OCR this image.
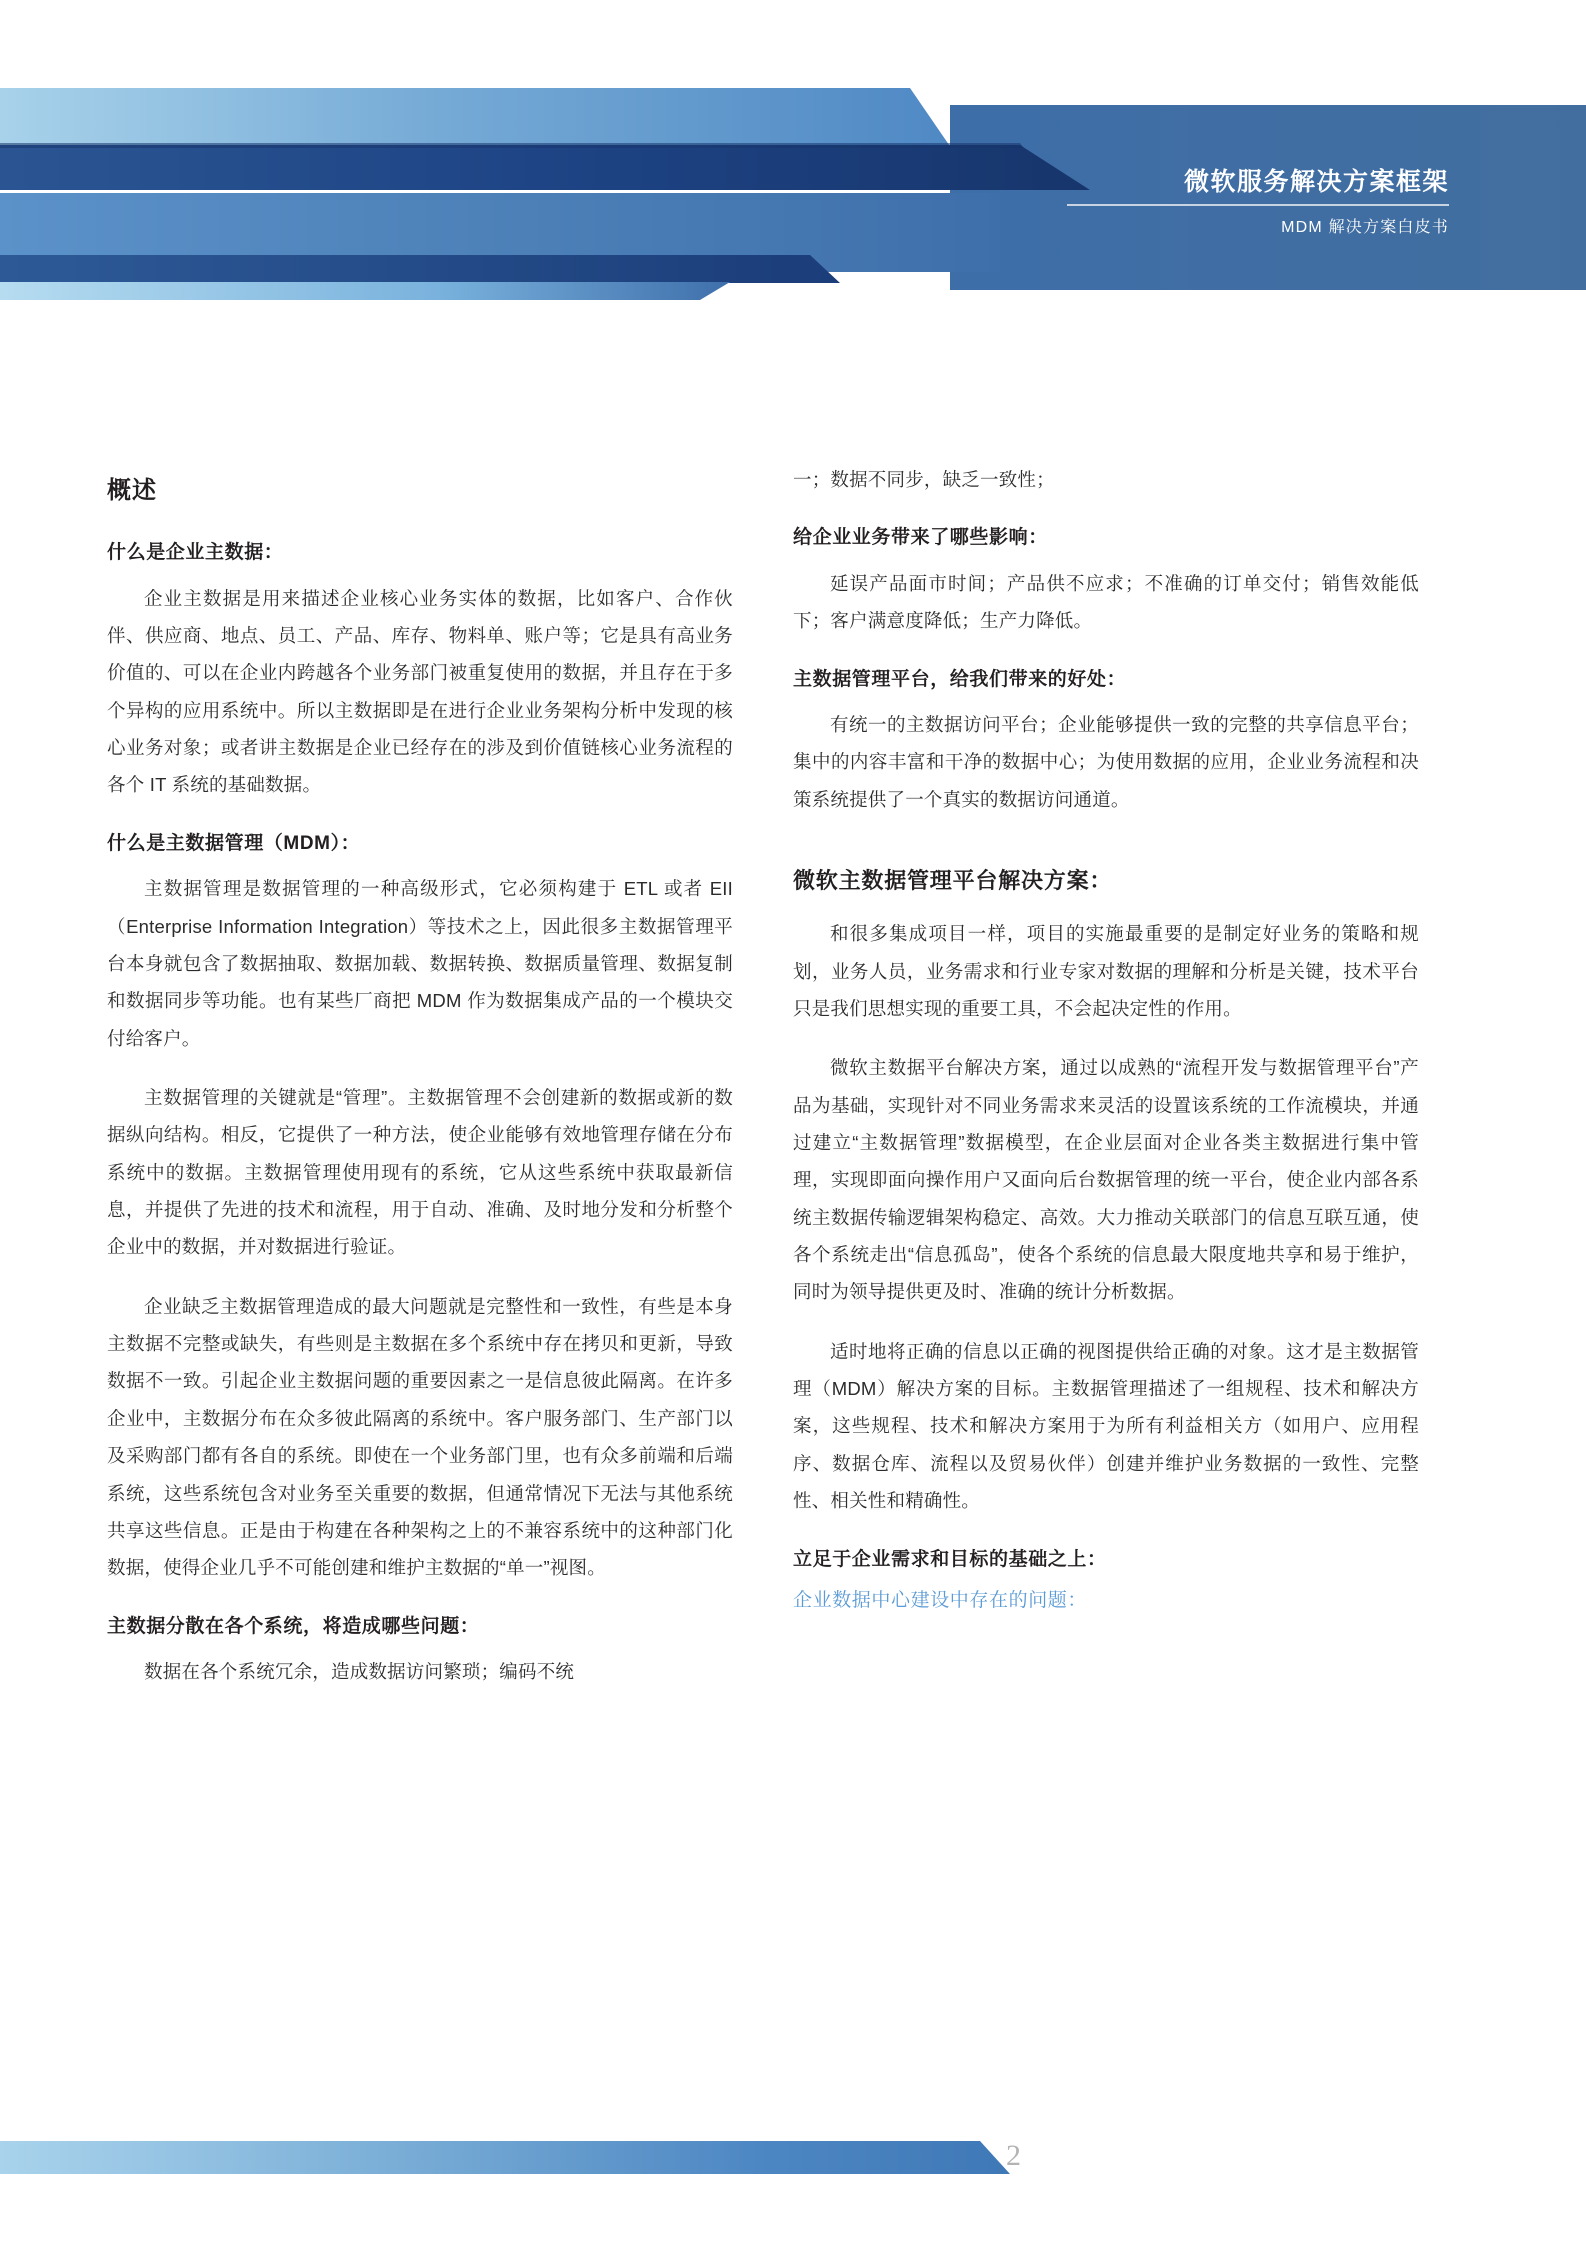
微软服务解决方案框架
MDM 解决方案白皮书
概述
什么是企业主数据：

企业主数据是用来描述企业核心业务实体的数据，比如客户、合作伙伴、供应商、地点、员工、产品、库存、物料单、账户等；它是具有高业务价值的、可以在企业内跨越各个业务部门被重复使用的数据，并且存在于多个异构的应用系统中。所以主数据即是在进行企业业务架构分析中发现的核心业务对象；或者讲主数据是企业已经存在的涉及到价值链核心业务流程的各个 IT 系统的基础数据。

什么是主数据管理（MDM）：

主数据管理是数据管理的一种高级形式，它必须构建于 ETL 或者 EII（Enterprise Information Integration）等技术之上，因此很多主数据管理平台本身就包含了数据抽取、数据加载、数据转换、数据质量管理、数据复制和数据同步等功能。也有某些厂商把 MDM 作为数据集成产品的一个模块交付给客户。

主数据管理的关键就是“管理”。主数据管理不会创建新的数据或新的数据纵向结构。相反，它提供了一种方法，使企业能够有效地管理存储在分布系统中的数据。主数据管理使用现有的系统，它从这些系统中获取最新信息，并提供了先进的技术和流程，用于自动、准确、及时地分发和分析整个企业中的数据，并对数据进行验证。

企业缺乏主数据管理造成的最大问题就是完整性和一致性，有些是本身主数据不完整或缺失，有些则是主数据在多个系统中存在拷贝和更新，导致数据不一致。引起企业主数据问题的重要因素之一是信息彼此隔离。在许多企业中，主数据分布在众多彼此隔离的系统中。客户服务部门、生产部门以及采购部门都有各自的系统。即使在一个业务部门里，也有众多前端和后端系统，这些系统包含对业务至关重要的数据，但通常情况下无法与其他系统共享这些信息。正是由于构建在各种架构之上的不兼容系统中的这种部门化数据，使得企业几乎不可能创建和维护主数据的“单一”视图。

主数据分散在各个系统，将造成哪些问题：

数据在各个系统冗余，造成数据访问繁琐；编码不统

一；数据不同步，缺乏一致性；

给企业业务带来了哪些影响：

延误产品面市时间；产品供不应求；不准确的订单交付；销售效能低下；客户满意度降低；生产力降低。

主数据管理平台，给我们带来的好处：

有统一的主数据访问平台；企业能够提供一致的完整的共享信息平台；集中的内容丰富和干净的数据中心；为使用数据的应用，企业业务流程和决策系统提供了一个真实的数据访问通道。

微软主数据管理平台解决方案：

和很多集成项目一样，项目的实施最重要的是制定好业务的策略和规划，业务人员，业务需求和行业专家对数据的理解和分析是关键，技术平台只是我们思想实现的重要工具，不会起决定性的作用。

微软主数据平台解决方案，通过以成熟的“流程开发与数据管理平台”产品为基础，实现针对不同业务需求来灵活的设置该系统的工作流模块，并通过建立“主数据管理”数据模型，在企业层面对企业各类主数据进行集中管理，实现即面向操作用户又面向后台数据管理的统一平台，使企业内部各系统主数据传输逻辑架构稳定、高效。大力推动关联部门的信息互联互通，使各个系统走出“信息孤岛”，使各个系统的信息最大限度地共享和易于维护，同时为领导提供更及时、准确的统计分析数据。

适时地将正确的信息以正确的视图提供给正确的对象。这才是主数据管理（MDM）解决方案的目标。主数据管理描述了一组规程、技术和解决方案，这些规程、技术和解决方案用于为所有利益相关方（如用户、应用程序、数据仓库、流程以及贸易伙伴）创建并维护业务数据的一致性、完整性、相关性和精确性。

立足于企业需求和目标的基础之上：

企业数据中心建设中存在的问题：

2
